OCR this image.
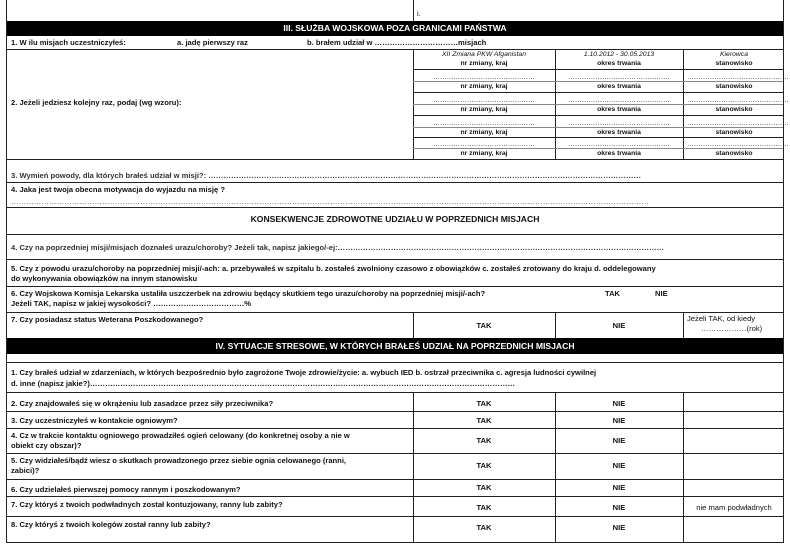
i.
III. SŁUŻBA WOJSKOWA POZA GRANICAMI PAŃSTWA
1. W ilu misjach uczestniczyłeś:	a. jadę pierwszy raz	b. brałem udział w ……………………………misjach
2. Jeżeli jedziesz kolejny raz, podaj (wg wzoru):
XII Zmiana PKW Afganistan	1.10.2012 - 30.05.2013	Kierowca
nr zmiany, kraj	okres trwania	stanowisko
………………………………………	………………………………………	………………………………………
nr zmiany, kraj	okres trwania	stanowisko
………………………………………	………………………………………	………………………………………
nr zmiany, kraj	okres trwania	stanowisko
………………………………………	………………………………………	………………………………………
nr zmiany, kraj	okres trwania	stanowisko
………………………………………	………………………………………	………………………………………
nr zmiany, kraj	okres trwania	stanowisko
3. Wymień powody, dla których brałeś udział w misji?: ………………………………………………………………………………………………………………………………………………………
4. Jaka jest twoja obecna motywacja do wyjazdu na misję ?
………………………………………………………………………………………………………………………………………………………………………………………………………………………………
KONSEKWENCJE ZDROWOTNE UDZIAŁU W POPRZEDNICH MISJACH
4. Czy na poprzedniej misji/misjach doznałeś urazu/choroby? Jeżeli tak, napisz jakiego/-ej:…………………………………………………………………………………………………………………
5. Czy z powodu urazu/choroby na poprzedniej misji/-ach: a. przebywałeś w szpitalu b. zostałeś zwolniony czasowo z obowiązków c. zostałeś zrotowany do kraju d. oddelegowany
do wykonywania obowiązków na innym stanowisku
6. Czy Wojskowa Komisja Lekarska ustaliła uszczerbek na zdrowiu będący skutkiem tego urazu/choroby na poprzedniej misji/-ach?	TAK	NIE
Jeżeli TAK, napisz w jakiej wysokości? ………………………………%
7. Czy posiadasz status Weterana Poszkodowanego?
TAK	NIE
Jeżeli TAK, od kiedy
………………(rok)
IV. SYTUACJE STRESOWE, W KTÓRYCH BRAŁEŚ UDZIAŁ NA POPRZEDNICH MISJACH
1. Czy brałeś udział w zdarzeniach, w których bezpośrednio było zagrożone Twoje zdrowie/życie: a. wybuch IED b. ostrzał przeciwnika c. agresja ludności cywilnej
d. inne (napisz jakie?)……………………………………………………………………………………………………………………………………………………
2. Czy znajdowałeś się w okrążeniu lub zasadzce przez siły przeciwnika?	TAK	NIE
3. Czy uczestniczyłeś w kontakcie ogniowym?	TAK	NIE
4. Cz w trakcie kontaktu ogniowego prowadziłeś ogień celowany (do konkretnej osoby a nie w
obiekt czy obszar)?
TAK	NIE
5. Czy widziałeś/bądź wiesz o skutkach prowadzonego przez siebie ognia celowanego (ranni,
zabici)?
TAK	NIE
6. Czy udzielałeś pierwszej pomocy rannym i poszkodowanym?	TAK	NIE
7. Czy któryś z twoich podwładnych został kontuzjowany, ranny lub zabity?	TAK	NIE	nie mam podwładnych
8. Czy któryś z twoich kolegów został ranny lub zabity?	TAK	NIE
